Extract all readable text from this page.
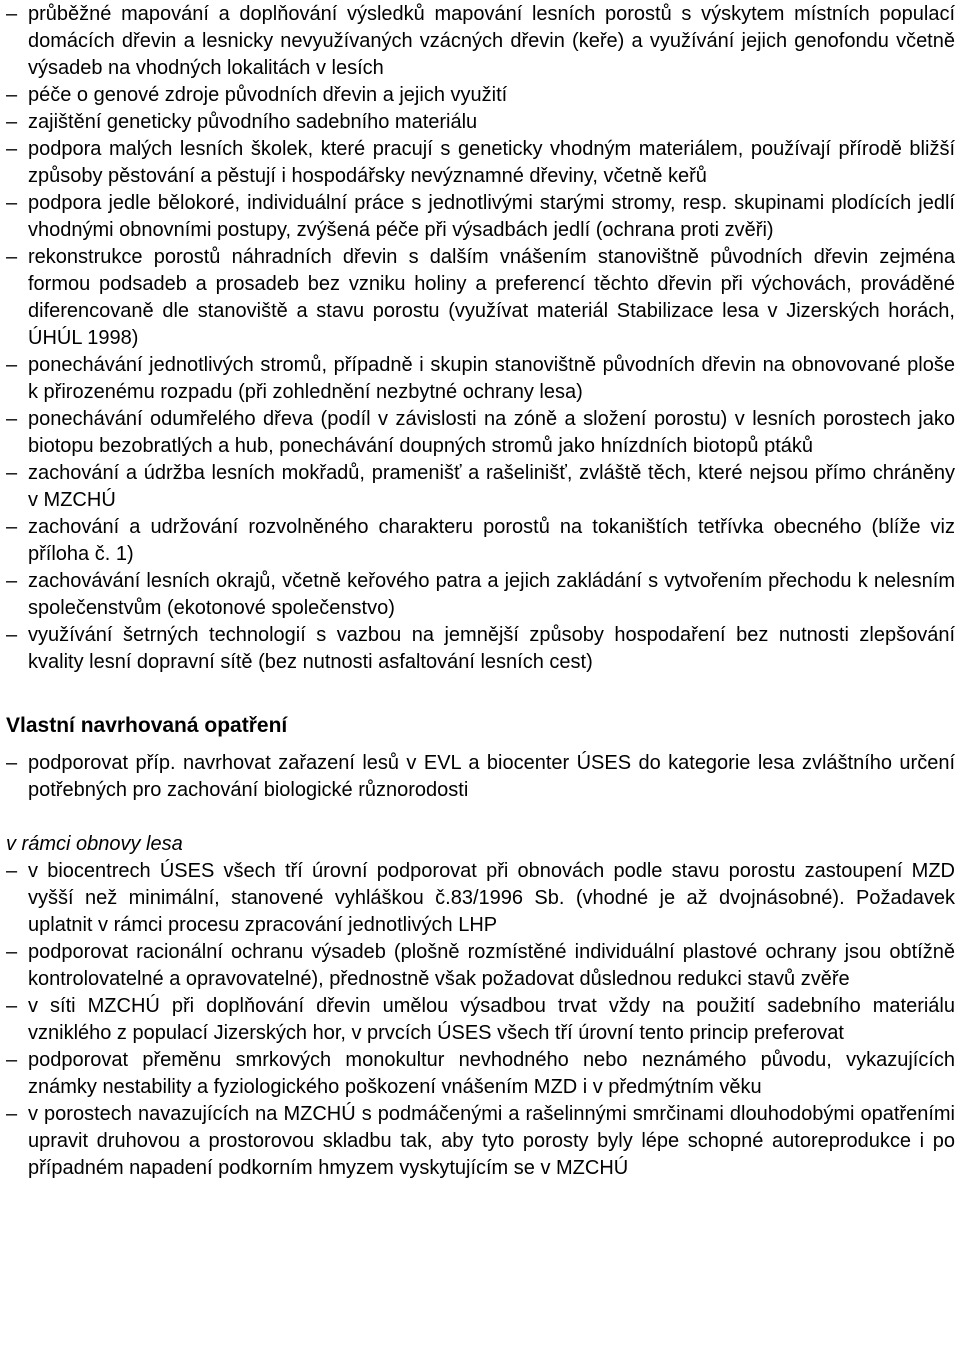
– průběžné mapování a doplňování výsledků mapování lesních porostů s výskytem místních populací domácích dřevin a lesnicky nevyužívaných vzácných dřevin (keře) a využívání jejich genofondu včetně výsadeb na vhodných lokalitách v lesích
– péče o genové zdroje původních dřevin a jejich využití
– zajištění geneticky původního sadebního materiálu
– podpora malých lesních školek, které pracují s geneticky vhodným materiálem, používají přírodě bližší způsoby pěstování a pěstují i hospodářsky nevýznamné dřeviny, včetně keřů
– podpora jedle bělokoré, individuální práce s jednotlivými starými stromy, resp. skupinami plodících jedlí vhodnými obnovními postupy, zvýšená péče při výsadbách jedlí (ochrana proti zvěři)
– rekonstrukce porostů náhradních dřevin s dalším vnášením stanovištně původních dřevin zejména formou podsadeb a prosadeb bez vzniku holiny a preferencí těchto dřevin při výchovách, prováděné diferencovaně dle stanoviště a stavu porostu (využívat materiál Stabilizace lesa v Jizerských horách, ÚHÚL 1998)
– ponechávání jednotlivých stromů, případně i skupin stanovištně původních dřevin na obnovované ploše k přirozenému rozpadu (při zohlednění nezbytné ochrany lesa)
– ponechávání odumřelého dřeva (podíl v závislosti na zóně a složení porostu) v lesních porostech jako biotopu bezobratlých a hub, ponechávání doupných stromů jako hnízdních biotopů ptáků
– zachování a údržba lesních mokřadů, pramenišť a rašelinišť, zvláště těch, které nejsou přímo chráněny v MZCHÚ
– zachování a udržování rozvolněného charakteru porostů na tokaništích tetřívka obecného (blíže viz příloha č. 1)
– zachovávání lesních okrajů, včetně keřového patra a jejich zakládání s vytvořením přechodu k nelesním společenstvům (ekotonové společenstvo)
– využívání šetrných technologií s vazbou na jemnější způsoby hospodaření bez nutnosti zlepšování kvality lesní dopravní sítě (bez nutnosti asfaltování lesních cest)
Vlastní navrhovaná opatření
– podporovat příp. navrhovat zařazení lesů v EVL a biocenter ÚSES do kategorie lesa zvláštního určení potřebných pro zachování biologické různorodosti
v rámci obnovy lesa
– v biocentrech ÚSES všech tří úrovní podporovat při obnovách podle stavu porostu zastoupení MZD vyšší než minimální, stanovené vyhláškou č.83/1996 Sb. (vhodné je až dvojnásobné). Požadavek uplatnit v rámci procesu zpracování jednotlivých LHP
– podporovat racionální ochranu výsadeb (plošně rozmístěné individuální plastové ochrany jsou obtížně kontrolovatelné a opravovatelné), přednostně však požadovat důslednou redukci stavů zvěře
– v síti MZCHÚ při doplňování dřevin umělou výsadbou trvat vždy na použití sadebního materiálu vzniklého z populací Jizerských hor, v prvcích ÚSES všech tří úrovní tento princip preferovat
– podporovat přeměnu smrkových monokultur nevhodného nebo neznámého původu, vykazujících známky nestability a fyziologického poškození vnášením MZD i v předmýtním věku
– v porostech navazujících na MZCHÚ s podmáčenými a rašelinnými smrčinami dlouhodobými opatřeními upravit druhovou a prostorovou skladbu tak, aby tyto porosty byly lépe schopné autoreprodukce i po případném napadení podkorním hmyzem vyskytujícím se v MZCHÚ
